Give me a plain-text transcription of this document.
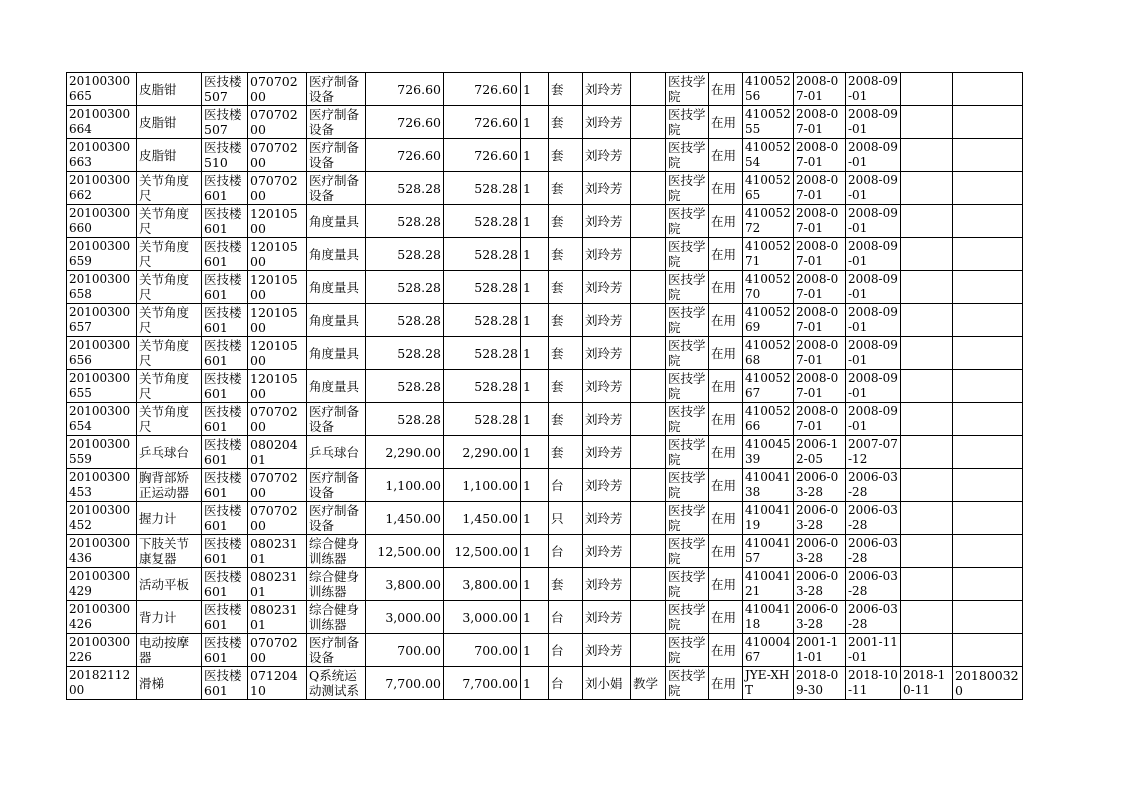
20100300665	皮脂钳	医技楼507	07070200	医疗制备设备	726.60	726.60	1	套	刘玲芳		医技学院	在用	41005256	2008-07-01	2008-09-01		
20100300664	皮脂钳	医技楼507	07070200	医疗制备设备	726.60	726.60	1	套	刘玲芳		医技学院	在用	41005255	2008-07-01	2008-09-01		
20100300663	皮脂钳	医技楼510	07070200	医疗制备设备	726.60	726.60	1	套	刘玲芳		医技学院	在用	41005254	2008-07-01	2008-09-01		
20100300662	关节角度尺	医技楼601	07070200	医疗制备设备	528.28	528.28	1	套	刘玲芳		医技学院	在用	41005265	2008-07-01	2008-09-01		
20100300660	关节角度尺	医技楼601	12010500	角度量具	528.28	528.28	1	套	刘玲芳		医技学院	在用	41005272	2008-07-01	2008-09-01		
20100300659	关节角度尺	医技楼601	12010500	角度量具	528.28	528.28	1	套	刘玲芳		医技学院	在用	41005271	2008-07-01	2008-09-01		
20100300658	关节角度尺	医技楼601	12010500	角度量具	528.28	528.28	1	套	刘玲芳		医技学院	在用	41005270	2008-07-01	2008-09-01		
20100300657	关节角度尺	医技楼601	12010500	角度量具	528.28	528.28	1	套	刘玲芳		医技学院	在用	41005269	2008-07-01	2008-09-01		
20100300656	关节角度尺	医技楼601	12010500	角度量具	528.28	528.28	1	套	刘玲芳		医技学院	在用	41005268	2008-07-01	2008-09-01		
20100300655	关节角度尺	医技楼601	12010500	角度量具	528.28	528.28	1	套	刘玲芳		医技学院	在用	41005267	2008-07-01	2008-09-01		
20100300654	关节角度尺	医技楼601	07070200	医疗制备设备	528.28	528.28	1	套	刘玲芳		医技学院	在用	41005266	2008-07-01	2008-09-01		
20100300559	乒乓球台	医技楼601	08020401	乒乓球台	2,290.00	2,290.00	1	套	刘玲芳		医技学院	在用	41004539	2006-12-05	2007-07-12		
20100300453	胸背部矫正运动器	医技楼601	07070200	医疗制备设备	1,100.00	1,100.00	1	台	刘玲芳		医技学院	在用	41004138	2006-03-28	2006-03-28		
20100300452	握力计	医技楼601	07070200	医疗制备设备	1,450.00	1,450.00	1	只	刘玲芳		医技学院	在用	41004119	2006-03-28	2006-03-28		
20100300436	下肢关节康复器	医技楼601	08023101	综合健身训练器	12,500.00	12,500.00	1	台	刘玲芳		医技学院	在用	41004157	2006-03-28	2006-03-28		
20100300429	活动平板	医技楼601	08023101	综合健身训练器	3,800.00	3,800.00	1	套	刘玲芳		医技学院	在用	41004121	2006-03-28	2006-03-28		
20100300426	背力计	医技楼601	08023101	综合健身训练器	3,000.00	3,000.00	1	台	刘玲芳		医技学院	在用	41004118	2006-03-28	2006-03-28		
20100300226	电动按摩器	医技楼601	07070200	医疗制备设备	700.00	700.00	1	台	刘玲芳		医技学院	在用	41000467	2001-11-01	2001-11-01		
2018211200	滑梯	医技楼601	07120410	Q系统运动测试系	7,700.00	7,700.00	1	台	刘小娟	教学	医技学院	在用	JYE-XHT	2018-09-30	2018-10-11	2018-10-11	201800320
